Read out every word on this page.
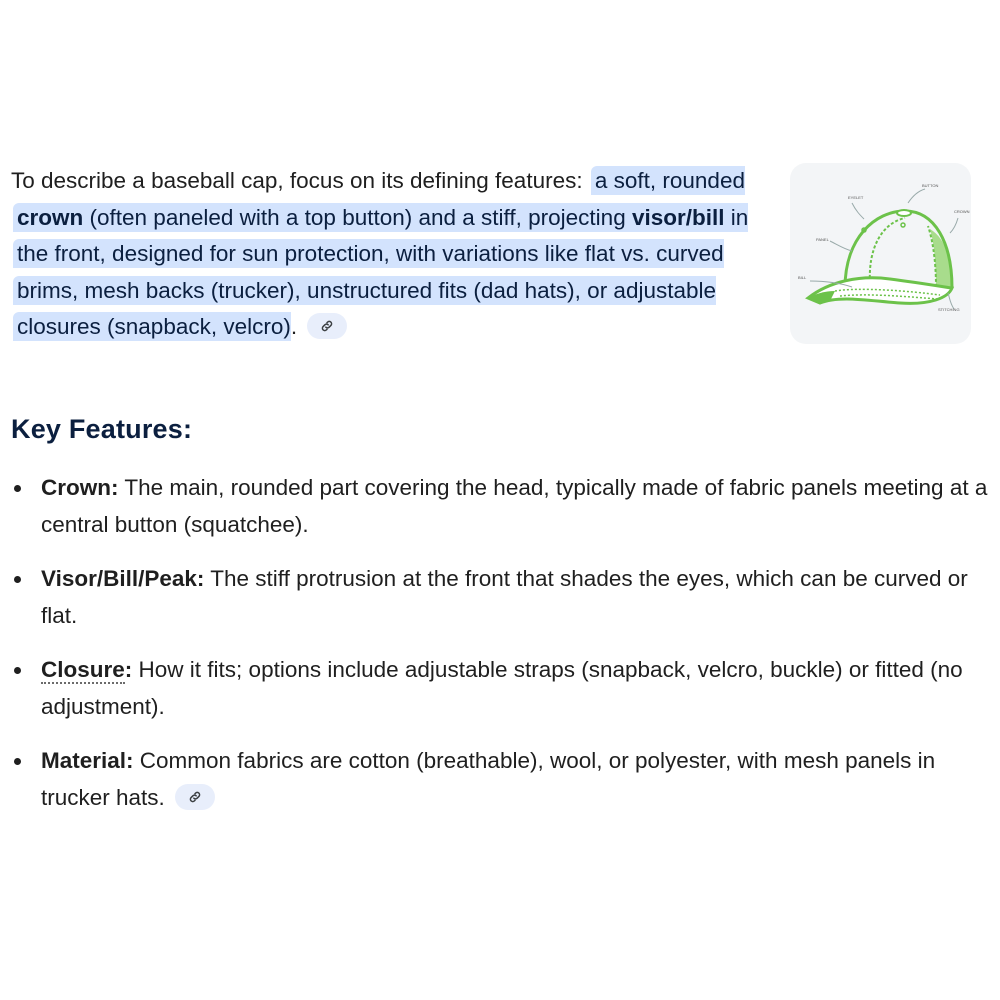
To describe a baseball cap, focus on its defining features: a soft, rounded crown (often paneled with a top button) and a stiff, projecting visor/bill in the front, designed for sun protection, with variations like flat vs. curved brims, mesh backs (trucker), unstructured fits (dad hats), or adjustable closures (snapback, velcro).
EYELET
BUTTON
CROWN
PANEL
BILL
STITCHING
Key Features:
Crown: The main, rounded part covering the head, typically made of fabric panels meeting at a central button (squatchee).
Visor/Bill/Peak: The stiff protrusion at the front that shades the eyes, which can be curved or flat.
Closure: How it fits; options include adjustable straps (snapback, velcro, buckle) or fitted (no adjustment).
Material: Common fabrics are cotton (breathable), wool, or polyester, with mesh panels in trucker hats.
